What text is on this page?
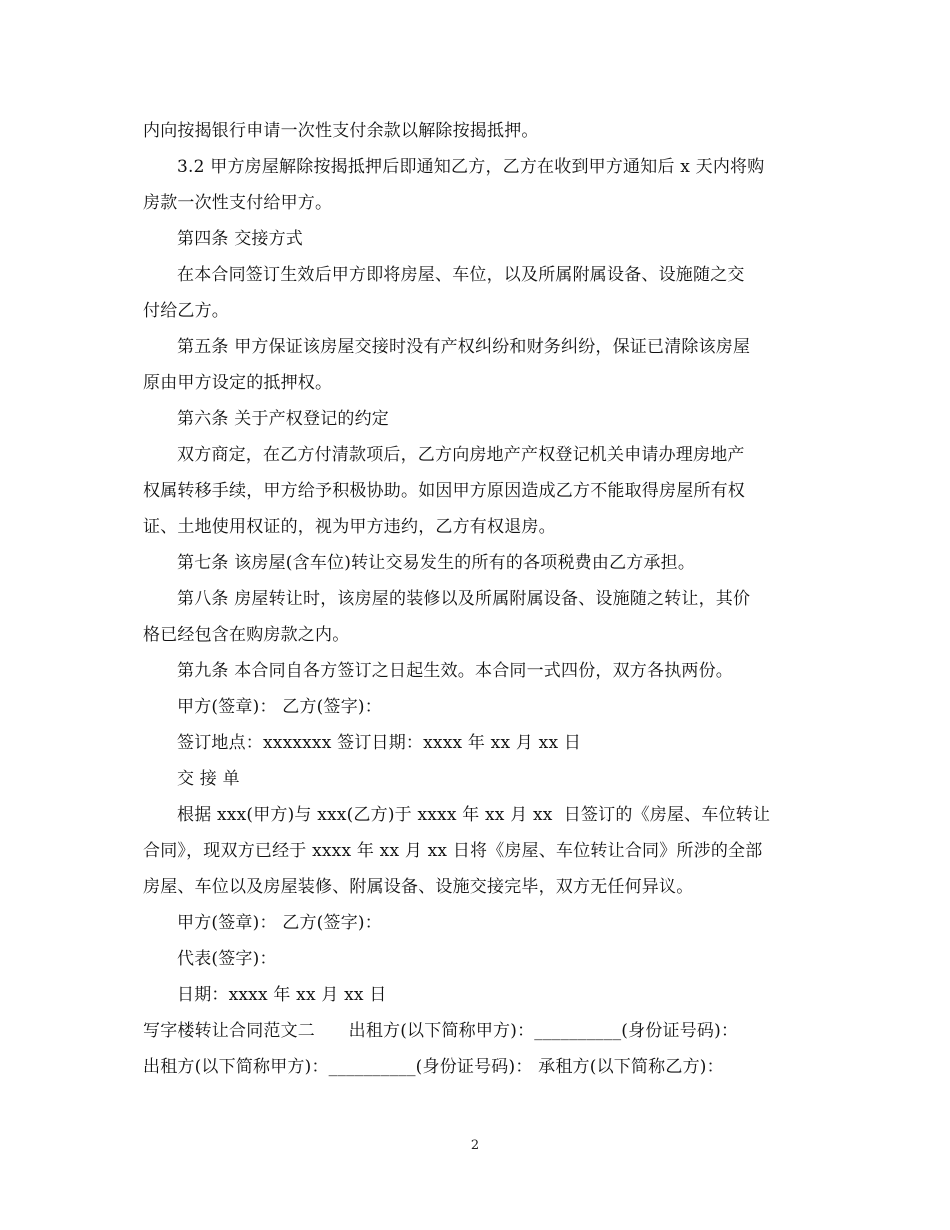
内向按揭银行申请一次性支付余款以解除按揭抵押。
3.2 甲方房屋解除按揭抵押后即通知乙方，乙方在收到甲方通知后 x 天内将购
房款一次性支付给甲方。
第四条 交接方式
在本合同签订生效后甲方即将房屋、车位，以及所属附属设备、设施随之交
付给乙方。
第五条 甲方保证该房屋交接时没有产权纠纷和财务纠纷，保证已清除该房屋
原由甲方设定的抵押权。
第六条 关于产权登记的约定
双方商定，在乙方付清款项后，乙方向房地产产权登记机关申请办理房地产
权属转移手续，甲方给予积极协助。如因甲方原因造成乙方不能取得房屋所有权
证、土地使用权证的，视为甲方违约，乙方有权退房。
第七条 该房屋(含车位)转让交易发生的所有的各项税费由乙方承担。
第八条 房屋转让时，该房屋的装修以及所属附属设备、设施随之转让，其价
格已经包含在购房款之内。
第九条 本合同自各方签订之日起生效。本合同一式四份，双方各执两份。
甲方(签章)： 乙方(签字)：
签订地点：xxxxxxx 签订日期：xxxx 年 xx 月 xx 日
交 接 单
根据 xxx(甲方)与 xxx(乙方)于 xxxx 年 xx 月 xx  日签订的《房屋、车位转让
合同》，现双方已经于 xxxx 年 xx 月 xx 日将《房屋、车位转让合同》所涉的全部
房屋、车位以及房屋装修、附属设备、设施交接完毕，双方无任何异议。
甲方(签章)： 乙方(签字)：
代表(签字)：
日期：xxxx 年 xx 月 xx 日
写字楼转让合同范文二      出租方(以下简称甲方)：__________(身份证号码)：
出租方(以下简称甲方)：__________(身份证号码)： 承租方(以下简称乙方)：
2
